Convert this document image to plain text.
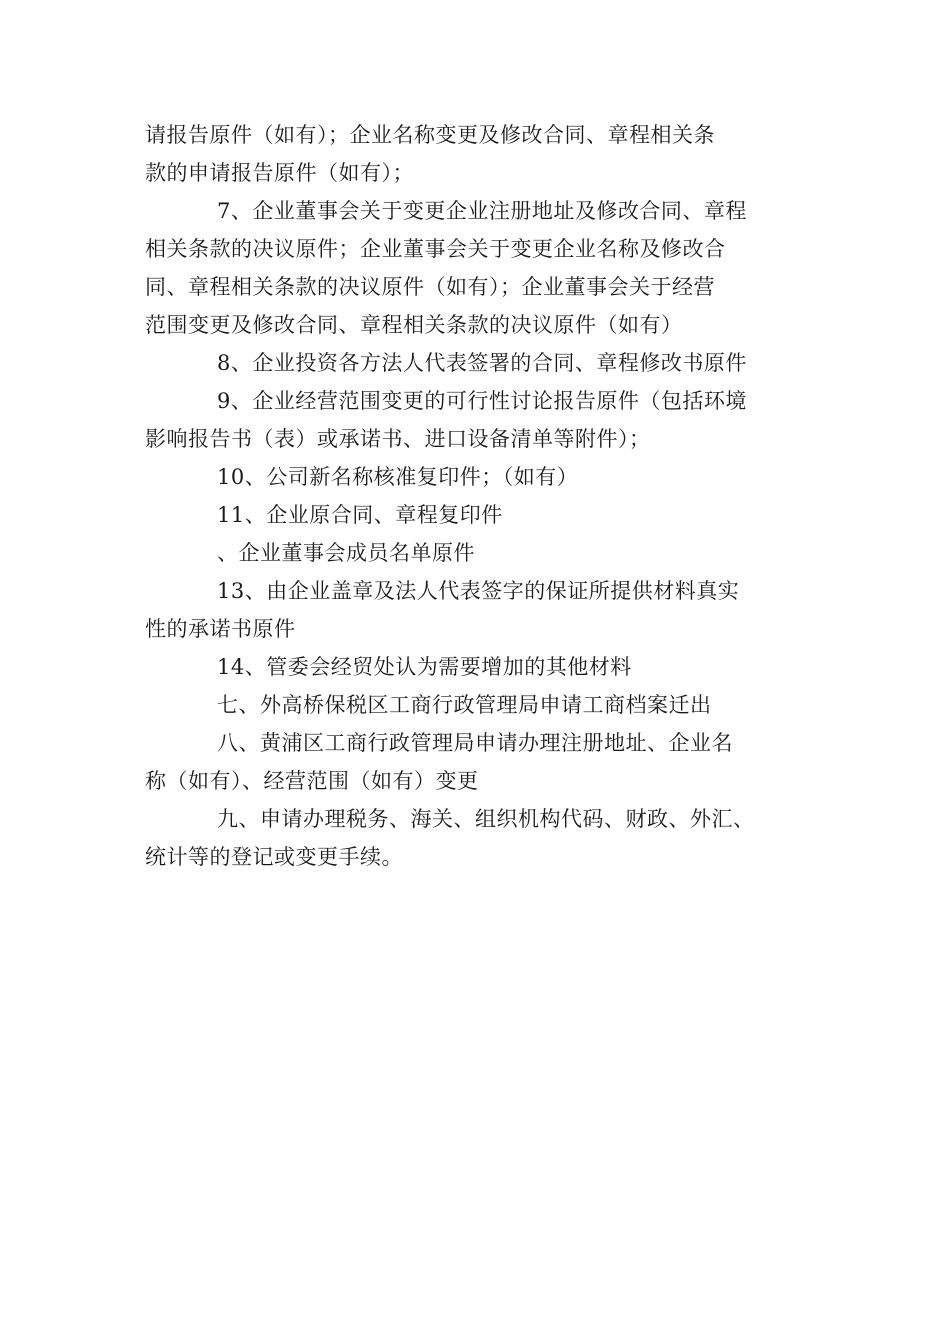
请报告原件（如有）；企业名称变更及修改合同、章程相关条
款的申请报告原件（如有）；
7、企业董事会关于变更企业注册地址及修改合同、章程
相关条款的决议原件；企业董事会关于变更企业名称及修改合
同、章程相关条款的决议原件（如有）；企业董事会关于经营
范围变更及修改合同、章程相关条款的决议原件（如有）
8、企业投资各方法人代表签署的合同、章程修改书原件
9、企业经营范围变更的可行性讨论报告原件（包括环境
影响报告书（表）或承诺书、进口设备清单等附件）；
10、公司新名称核准复印件；（如有）
11、企业原合同、章程复印件
、企业董事会成员名单原件
13、由企业盖章及法人代表签字的保证所提供材料真实
性的承诺书原件
14、管委会经贸处认为需要增加的其他材料
七、外高桥保税区工商行政管理局申请工商档案迁出
八、黄浦区工商行政管理局申请办理注册地址、企业名
称（如有）、经营范围（如有）变更
九、申请办理税务、海关、组织机构代码、财政、外汇、
统计等的登记或变更手续。
